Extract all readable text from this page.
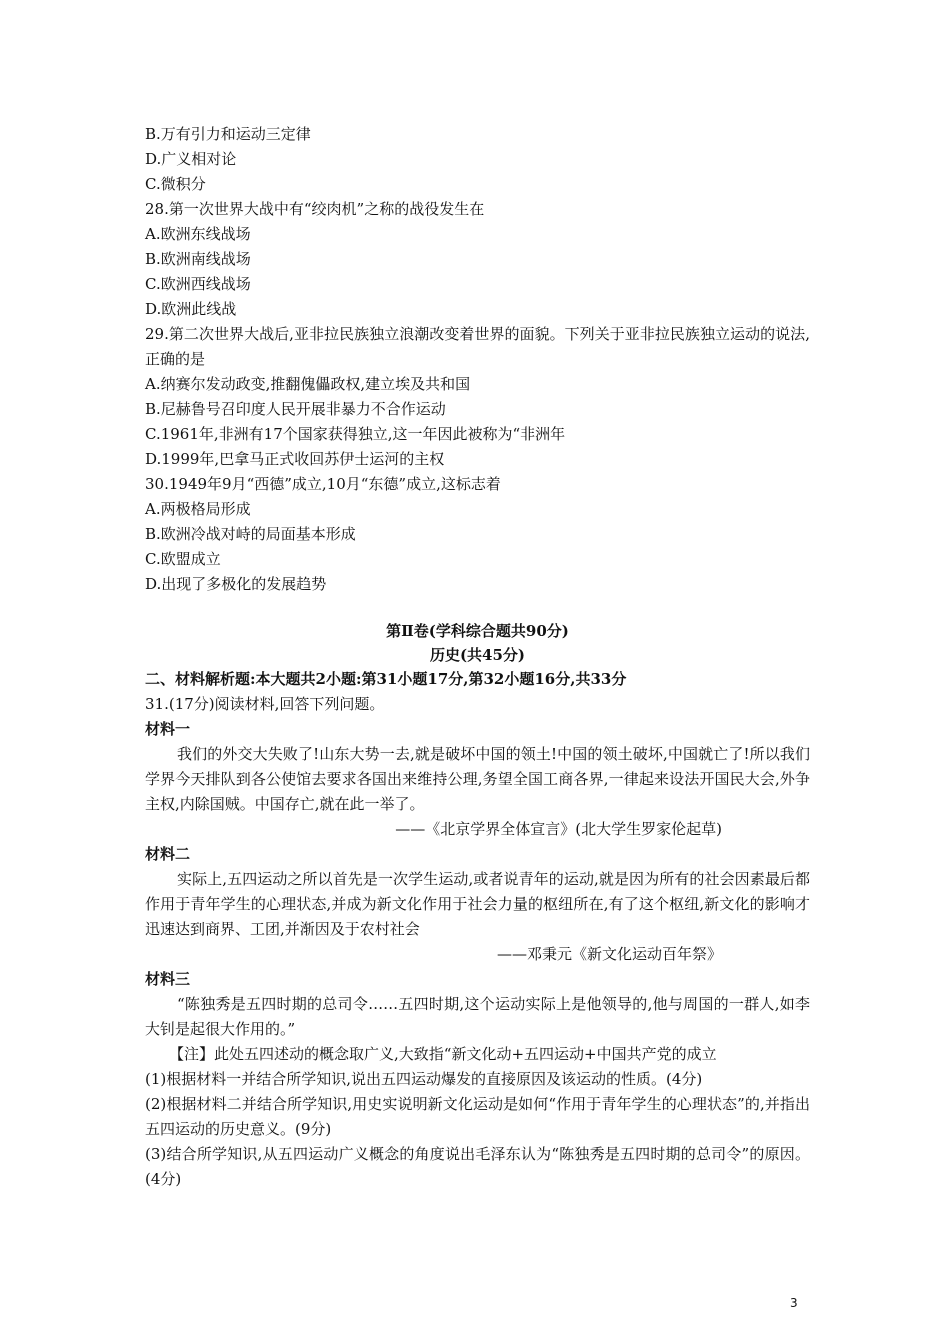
B.万有引力和运动三定律
D.广义相对论
C.微积分
28.第一次世界大战中有“绞肉机”之称的战役发生在
A.欧洲东线战场
B.欧洲南线战场
C.欧洲西线战场
D.欧洲此线战
29.第二次世界大战后,亚非拉民族独立浪潮改变着世界的面貌。下列关于亚非拉民族独立运动的说法,正确的是
A.纳赛尔发动政变,推翻傀儡政权,建立埃及共和国
B.尼赫鲁号召印度人民开展非暴力不合作运动
C.1961年,非洲有17个国家获得独立,这一年因此被称为“非洲年
D.1999年,巴拿马正式收回苏伊士运河的主权
30.1949年9月“西德”成立,10月“东德”成立,这标志着
A.两极格局形成
B.欧洲冷战对峙的局面基本形成
C.欧盟成立
D.出现了多极化的发展趋势
第Ⅱ卷(学科综合题共90分)
历史(共45分)
二、材料解析题:本大题共2小题:第31小题17分,第32小题16分,共33分
31.(17分)阅读材料,回答下列问题。
材料一
我们的外交大失败了!山东大势一去,就是破坏中国的领土!中国的领土破坏,中国就亡了!所以我们学界今天排队到各公使馆去要求各国出来维持公理,务望全国工商各界,一律起来设法开国民大会,外争主权,内除国贼。中国存亡,就在此一举了。
——《北京学界全体宣言》(北大学生罗家伦起草)
材料二
实际上,五四运动之所以首先是一次学生运动,或者说青年的运动,就是因为所有的社会因素最后都作用于青年学生的心理状态,并成为新文化作用于社会力量的枢纽所在,有了这个枢纽,新文化的影响才迅速达到商界、工团,并渐因及于农村社会
——邓秉元《新文化运动百年祭》
材料三
“陈独秀是五四时期的总司令……五四时期,这个运动实际上是他领导的,他与周国的一群人,如李大钊是起很大作用的。”
【注】此处五四述动的概念取广义,大致指“新文化动+五四运动+中国共产党的成立
(1)根据材料一并结合所学知识,说出五四运动爆发的直接原因及该运动的性质。(4分)
(2)根据材料二并结合所学知识,用史实说明新文化运动是如何“作用于青年学生的心理状态”的,并指出五四运动的历史意义。(9分)
(3)结合所学知识,从五四运动广义概念的角度说出毛泽东认为“陈独秀是五四时期的总司令”的原因。(4分)
3
